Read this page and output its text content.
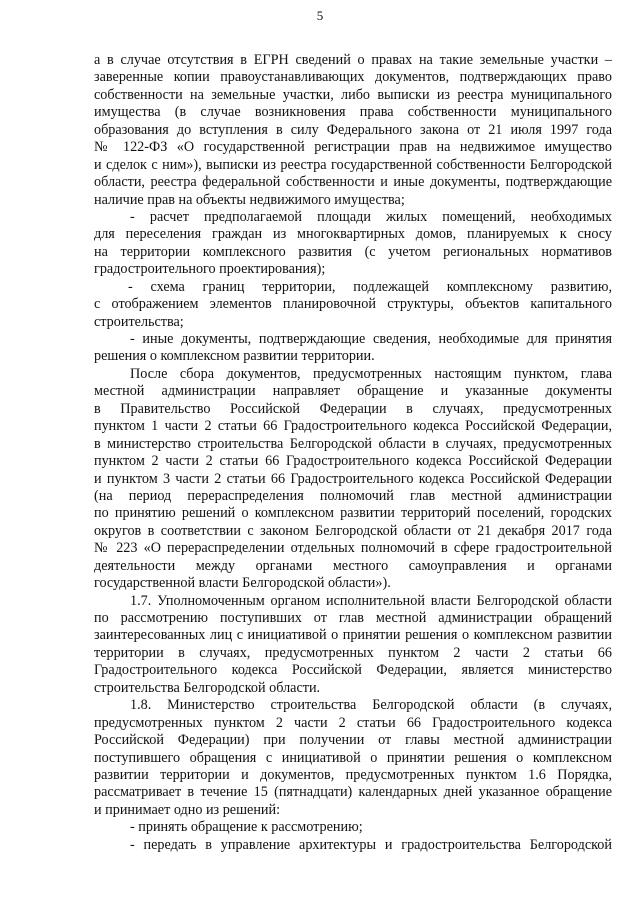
5
а в случае отсутствия в ЕГРН сведений о правах на такие земельные участки –
заверенные копии правоустанавливающих документов, подтверждающих право
собственности на земельные участки, либо выписки из реестра муниципального
имущества (в случае возникновения права собственности муниципального
образования до вступления в силу Федерального закона от 21 июля 1997 года
№ 122-ФЗ «О государственной регистрации прав на недвижимое имущество
и сделок с ним»), выписки из реестра государственной собственности Белгородской
области, реестра федеральной собственности и иные документы, подтверждающие
наличие прав на объекты недвижимого имущества;
- расчет предполагаемой площади жилых помещений, необходимых
для переселения граждан из многоквартирных домов, планируемых к сносу
на территории комплексного развития (с учетом региональных нормативов
градостроительного проектирования);
- схема границ территории, подлежащей комплексному развитию,
с отображением элементов планировочной структуры, объектов капитального
строительства;
- иные документы, подтверждающие сведения, необходимые для принятия
решения о комплексном развитии территории.
После сбора документов, предусмотренных настоящим пунктом, глава
местной администрации направляет обращение и указанные документы
в Правительство Российской Федерации в случаях, предусмотренных
пунктом 1 части 2 статьи 66 Градостроительного кодекса Российской Федерации,
в министерство строительства Белгородской области в случаях, предусмотренных
пунктом 2 части 2 статьи 66 Градостроительного кодекса Российской Федерации
и пунктом 3 части 2 статьи 66 Градостроительного кодекса Российской Федерации
(на период перераспределения полномочий глав местной администрации
по принятию решений о комплексном развитии территорий поселений, городских
округов в соответствии с законом Белгородской области от 21 декабря 2017 года
№ 223 «О перераспределении отдельных полномочий в сфере градостроительной
деятельности между органами местного самоуправления и органами
государственной власти Белгородской области»).
1.7. Уполномоченным органом исполнительной власти Белгородской области
по рассмотрению поступивших от глав местной администрации обращений
заинтересованных лиц с инициативой о принятии решения о комплексном развитии
территории в случаях, предусмотренных пунктом 2 части 2 статьи 66
Градостроительного кодекса Российской Федерации, является министерство
строительства Белгородской области.
1.8. Министерство строительства Белгородской области (в случаях,
предусмотренных пунктом 2 части 2 статьи 66 Градостроительного кодекса
Российской Федерации) при получении от главы местной администрации
поступившего обращения с инициативой о принятии решения о комплексном
развитии территории и документов, предусмотренных пунктом 1.6 Порядка,
рассматривает в течение 15 (пятнадцати) календарных дней указанное обращение
и принимает одно из решений:
- принять обращение к рассмотрению;
- передать в управление архитектуры и градостроительства Белгородской
